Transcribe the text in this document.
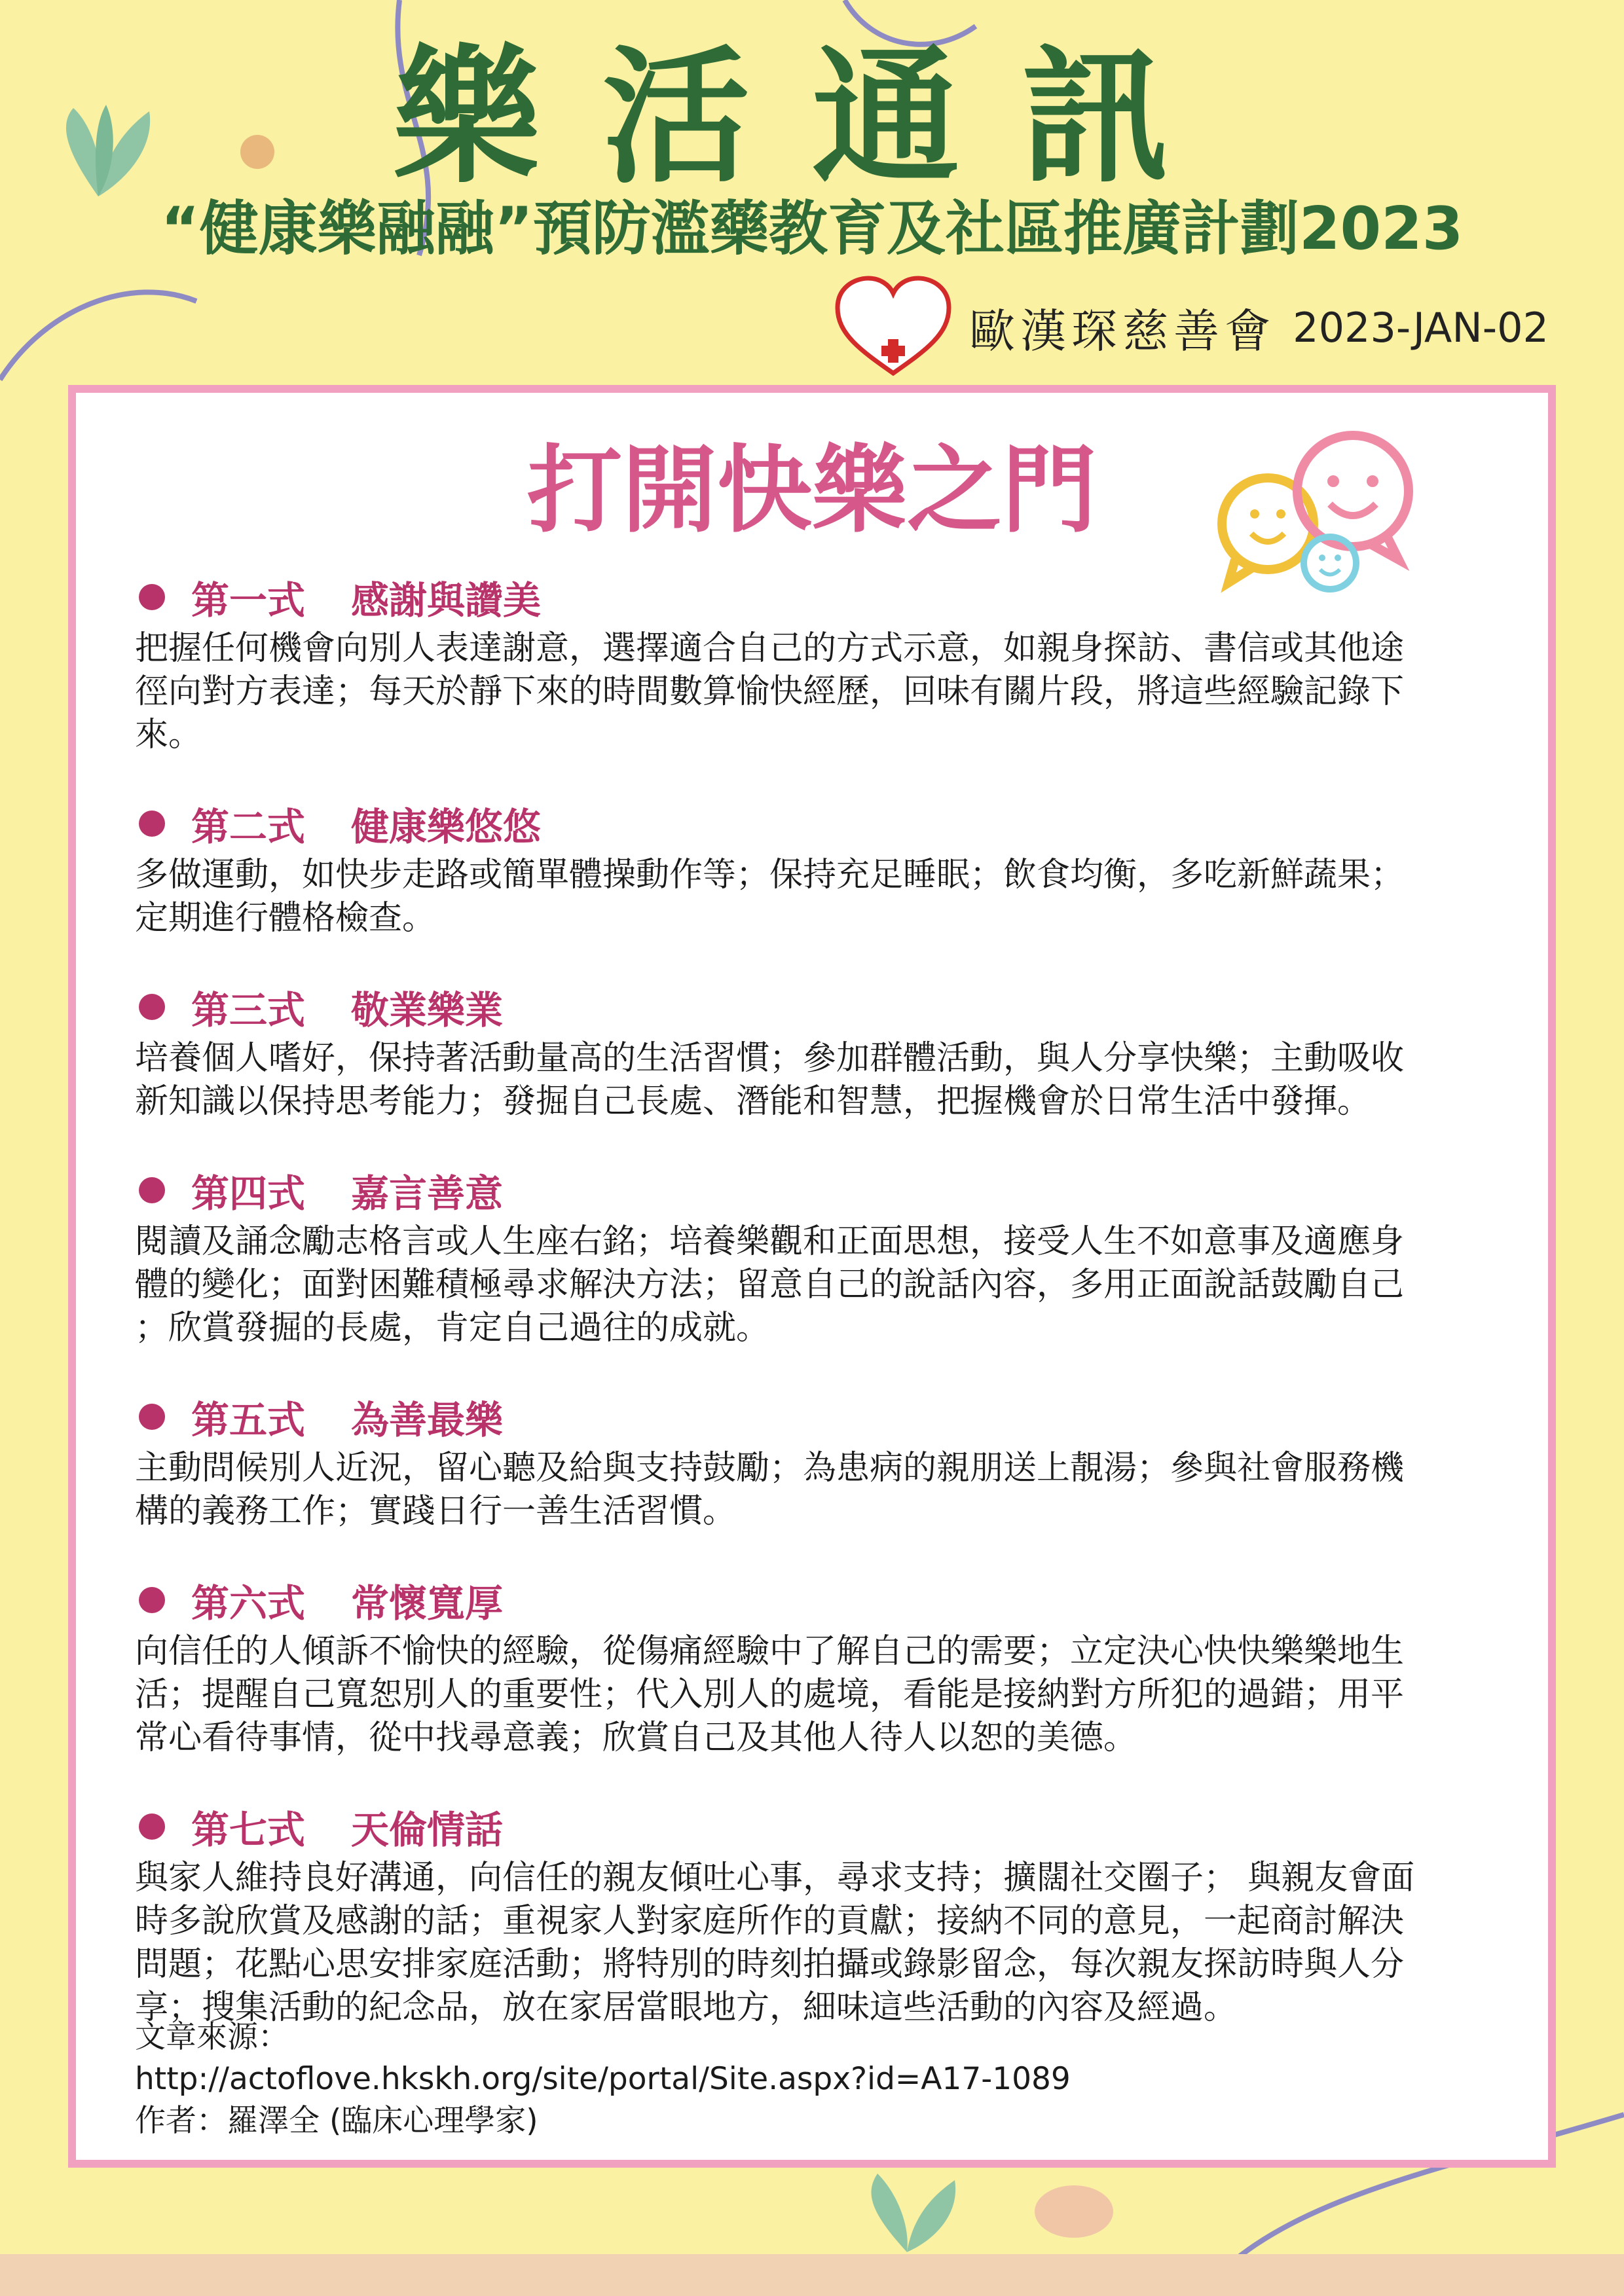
樂活通訊
“健康樂融融”預防濫藥教育及社區推廣計劃2023
歐漢琛慈善會 2023-JAN-02
打開快樂之門
第一式 感謝與讚美
把握任何機會向別人表達謝意，選擇適合自己的方式示意，如親身探訪、書信或其他途
徑向對方表達；每天於靜下來的時間數算愉快經歷，回味有關片段，將這些經驗記錄下
來。
第二式 健康樂悠悠
多做運動，如快步走路或簡單體操動作等；保持充足睡眠；飲食均衡，多吃新鮮蔬果；
定期進行體格檢查。
第三式 敬業樂業
培養個人嗜好，保持著活動量高的生活習慣；參加群體活動，與人分享快樂；主動吸收
新知識以保持思考能力；發掘自己長處、潛能和智慧，把握機會於日常生活中發揮。
第四式 嘉言善意
閱讀及誦念勵志格言或人生座右銘；培養樂觀和正面思想，接受人生不如意事及適應身
體的變化；面對困難積極尋求解決方法；留意自己的說話內容，多用正面說話鼓勵自己
；欣賞發掘的長處，肯定自己過往的成就。
第五式 為善最樂
主動問候別人近況，留心聽及給與支持鼓勵；為患病的親朋送上靚湯；參與社會服務機
構的義務工作；實踐日行一善生活習慣。
第六式 常懷寬厚
向信任的人傾訴不愉快的經驗，從傷痛經驗中了解自己的需要；立定決心快快樂樂地生
活；提醒自己寬恕別人的重要性；代入別人的處境，看能是接納對方所犯的過錯；用平
常心看待事情，從中找尋意義；欣賞自己及其他人待人以恕的美德。
第七式 天倫情話
與家人維持良好溝通，向信任的親友傾吐心事，尋求支持；擴闊社交圈子； 與親友會面
時多說欣賞及感謝的話；重視家人對家庭所作的貢獻；接納不同的意見，一起商討解決
問題；花點心思安排家庭活動；將特別的時刻拍攝或錄影留念，每次親友探訪時與人分
享；搜集活動的紀念品，放在家居當眼地方，細味這些活動的內容及經過。
文章來源：
http://actoflove.hkskh.org/site/portal/Site.aspx?id=A17-1089
作者：羅澤全 (臨床心理學家)
